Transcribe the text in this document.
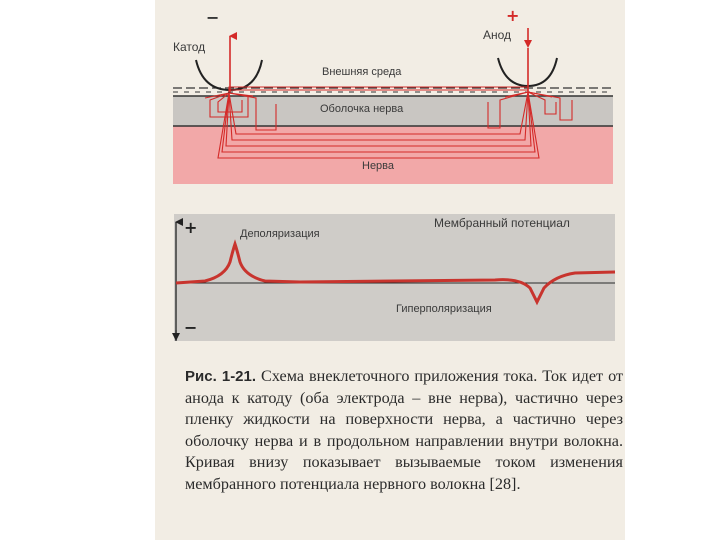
−	+
Катод
Анод
Внешняя среда
Оболочка нерва
Нерва
+
−
Мембранный потенциал
Деполяризация
Гиперполяризация

Рис. 1-21. Схема внеклеточного приложения тока. Ток идет от анода к катоду (оба электрода – вне нерва), частично через пленку жидкости на поверхности нерва, а частично через оболочку нерва и в продольном направлении внутри волокна. Кривая внизу показывает вызываемые током изменения мембранного потенциала нервного волокна [28].
